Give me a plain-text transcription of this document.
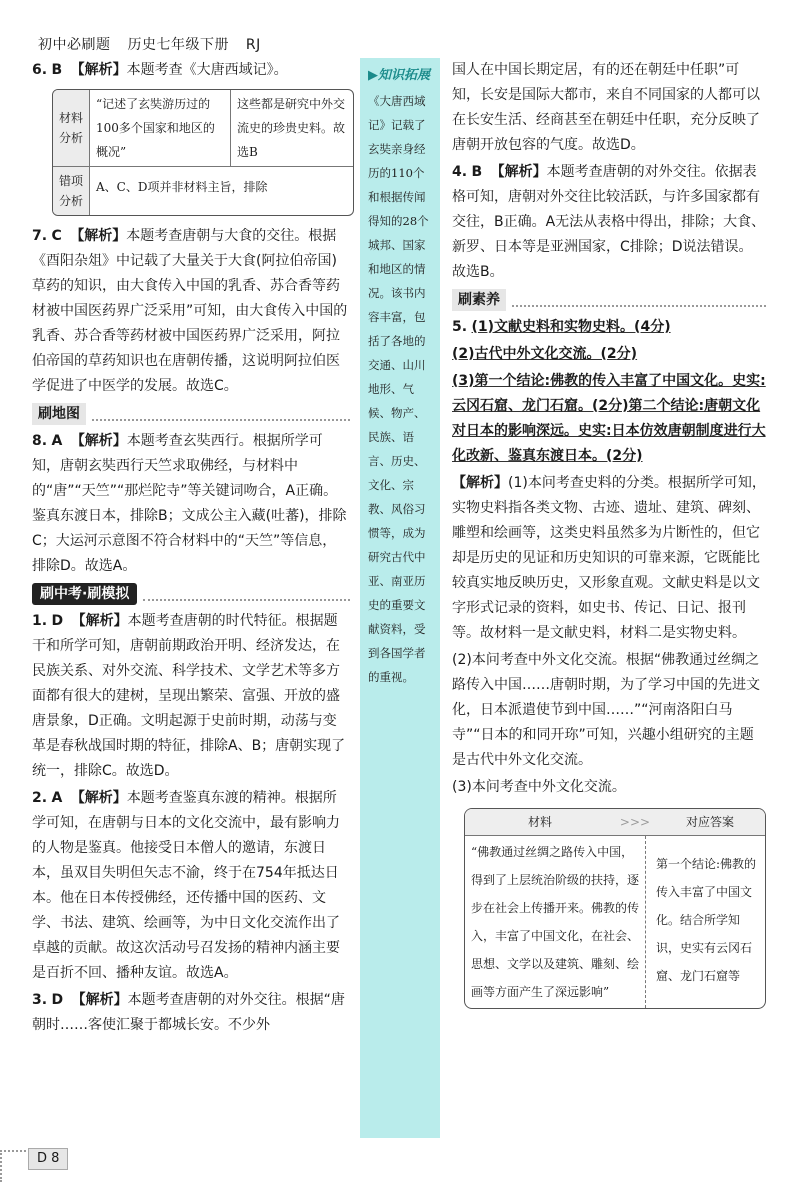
初中必刷题 历史七年级下册 RJ
6. B 【解析】本题考查《大唐西域记》。
材料分析
“记述了玄奘游历过的100多个国家和地区的概况”
这些都是研究中外交流史的珍贵史料。故选B
错项分析
A、C、D项并非材料主旨，排除
7. C 【解析】本题考查唐朝与大食的交往。根据《酉阳杂俎》中记载了大量关于大食(阿拉伯帝国)草药的知识，由大食传入中国的乳香、苏合香等药材被中国医药界广泛采用”可知，由大食传入中国的乳香、苏合香等药材被中国医药界广泛采用，阿拉伯帝国的草药知识也在唐朝传播，这说明阿拉伯医学促进了中医学的发展。故选C。
刷地图
8. A 【解析】本题考查玄奘西行。根据所学可知，唐朝玄奘西行天竺求取佛经，与材料中的“唐”“天竺”“那烂陀寺”等关键词吻合，A正确。鉴真东渡日本，排除B；文成公主入藏(吐蕃)，排除C；大运河示意图不符合材料中的“天竺”等信息，排除D。故选A。
刷中考·刷模拟
1. D 【解析】本题考查唐朝的时代特征。根据题干和所学可知，唐朝前期政治开明、经济发达，在民族关系、对外交流、科学技术、文学艺术等多方面都有很大的建树，呈现出繁荣、富强、开放的盛唐景象，D正确。文明起源于史前时期，动荡与变革是春秋战国时期的特征，排除A、B；唐朝实现了统一，排除C。故选D。
2. A 【解析】本题考查鉴真东渡的精神。根据所学可知，在唐朝与日本的文化交流中，最有影响力的人物是鉴真。他接受日本僧人的邀请，东渡日本，虽双目失明但矢志不渝，终于在754年抵达日本。他在日本传授佛经，还传播中国的医药、文学、书法、建筑、绘画等，为中日文化交流作出了卓越的贡献。故这次活动号召发扬的精神内涵主要是百折不回、播种友谊。故选A。
3. D 【解析】本题考查唐朝的对外交往。根据“唐朝时……客使汇聚于都城长安。不少外
▶知识拓展
《大唐西域记》记载了玄奘亲身经历的110个和根据传闻得知的28个城邦、国家和地区的情况。该书内容丰富，包括了各地的交通、山川地形、气候、物产、民族、语言、历史、文化、宗教、风俗习惯等，成为研究古代中亚、南亚历史的重要文献资料，受到各国学者的重视。
国人在中国长期定居，有的还在朝廷中任职”可知，长安是国际大都市，来自不同国家的人都可以在长安生活、经商甚至在朝廷中任职，充分反映了唐朝开放包容的气度。故选D。
4. B 【解析】本题考查唐朝的对外交往。依据表格可知，唐朝对外交往比较活跃，与许多国家都有交往，B正确。A无法从表格中得出，排除；大食、新罗、日本等是亚洲国家，C排除；D说法错误。故选B。
刷素养
5. (1)文献史料和实物史料。(4分)
(2)古代中外文化交流。(2分)
(3)第一个结论:佛教的传入丰富了中国文化。史实:云冈石窟、龙门石窟。(2分)第二个结论:唐朝文化对日本的影响深远。史实:日本仿效唐朝制度进行大化改新、鉴真东渡日本。(2分)
【解析】(1)本问考查史料的分类。根据所学可知，实物史料指各类文物、古迹、遗址、建筑、碑刻、雕塑和绘画等，这类史料虽然多为片断性的，但它却是历史的见证和历史知识的可靠来源，它既能比较真实地反映历史，又形象直观。文献史料是以文字形式记录的资料，如史书、传记、日记、报刊等。故材料一是文献史料，材料二是实物史料。
(2)本问考查中外文化交流。根据“佛教通过丝绸之路传入中国……唐朝时期，为了学习中国的先进文化，日本派遣使节到中国……”“河南洛阳白马寺”“日本的和同开珎”可知，兴趣小组研究的主题是古代中外文化交流。
(3)本问考查中外文化交流。
材料	>>>	对应答案
“佛教通过丝绸之路传入中国，得到了上层统治阶级的扶持，逐步在社会上传播开来。佛教的传入，丰富了中国文化，在社会、思想、文学以及建筑、雕刻、绘画等方面产生了深远影响”
第一个结论:佛教的传入丰富了中国文化。结合所学知识，史实有云冈石窟、龙门石窟等
D 8
